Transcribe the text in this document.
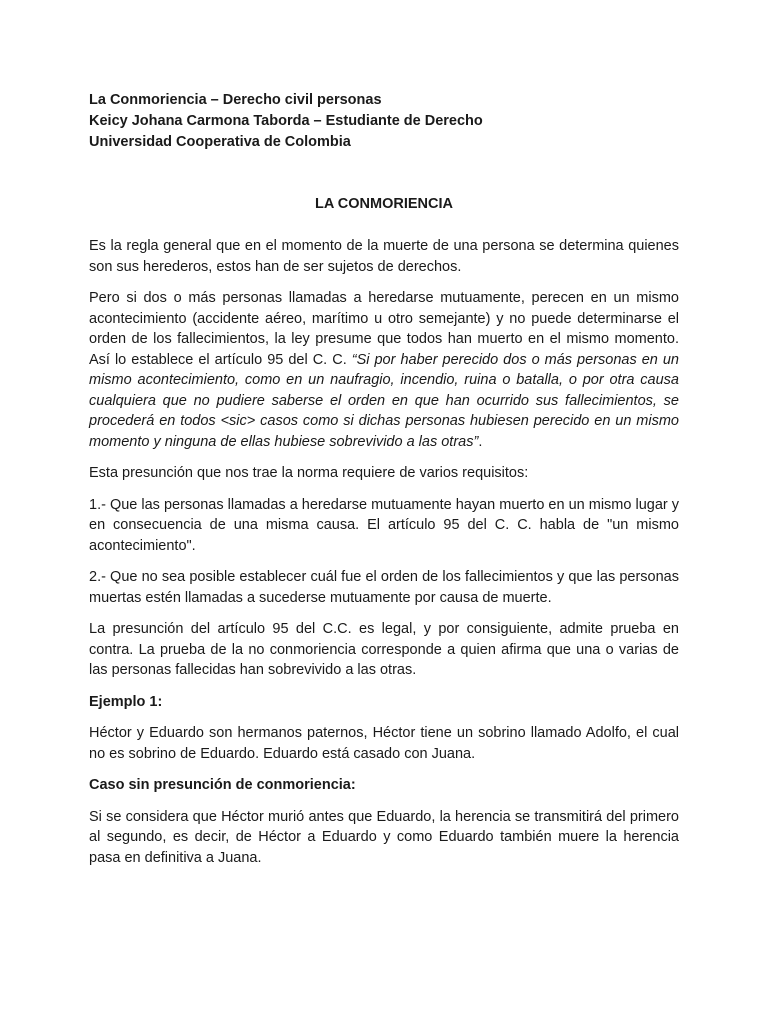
La Conmoriencia – Derecho civil personas

Keicy Johana Carmona Taborda – Estudiante de Derecho

Universidad Cooperativa de Colombia

LA CONMORIENCIA

Es la regla general que en el momento de la muerte de una persona se determina quienes son sus herederos, estos han de ser sujetos de derechos.

Pero si dos o más personas llamadas a heredarse mutuamente, perecen en un mismo acontecimiento (accidente aéreo, marítimo u otro semejante) y no puede determinarse el orden de los fallecimientos, la ley presume que todos han muerto en el mismo momento. Así lo establece el artículo 95 del C. C. “Si por haber perecido dos o más personas en un mismo acontecimiento, como en un naufragio, incendio, ruina o batalla, o por otra causa cualquiera que no pudiere saberse el orden en que han ocurrido sus fallecimientos, se procederá en todos <sic> casos como si dichas personas hubiesen perecido en un mismo momento y ninguna de ellas hubiese sobrevivido a las otras”.

Esta presunción que nos trae la norma requiere de varios requisitos:

1.- Que las personas llamadas a heredarse mutuamente hayan muerto en un mismo lugar y en consecuencia de una misma causa. El artículo 95 del C. C. habla de "un mismo acontecimiento".

2.- Que no sea posible establecer cuál fue el orden de los fallecimientos y que las personas muertas estén llamadas a sucederse mutuamente por causa de muerte.

La presunción del artículo 95 del C.C. es legal, y por consiguiente, admite prueba en contra. La prueba de la no conmoriencia corresponde a quien afirma que una o varias de las personas fallecidas han sobrevivido a las otras.

Ejemplo 1:

Héctor y Eduardo son hermanos paternos, Héctor tiene un sobrino llamado Adolfo, el cual no es sobrino de Eduardo. Eduardo está casado con Juana.

Caso sin presunción de conmoriencia:

Si se considera que Héctor murió antes que Eduardo, la herencia se transmitirá del primero al segundo, es decir, de Héctor a Eduardo y como Eduardo también muere la herencia pasa en definitiva a Juana.
